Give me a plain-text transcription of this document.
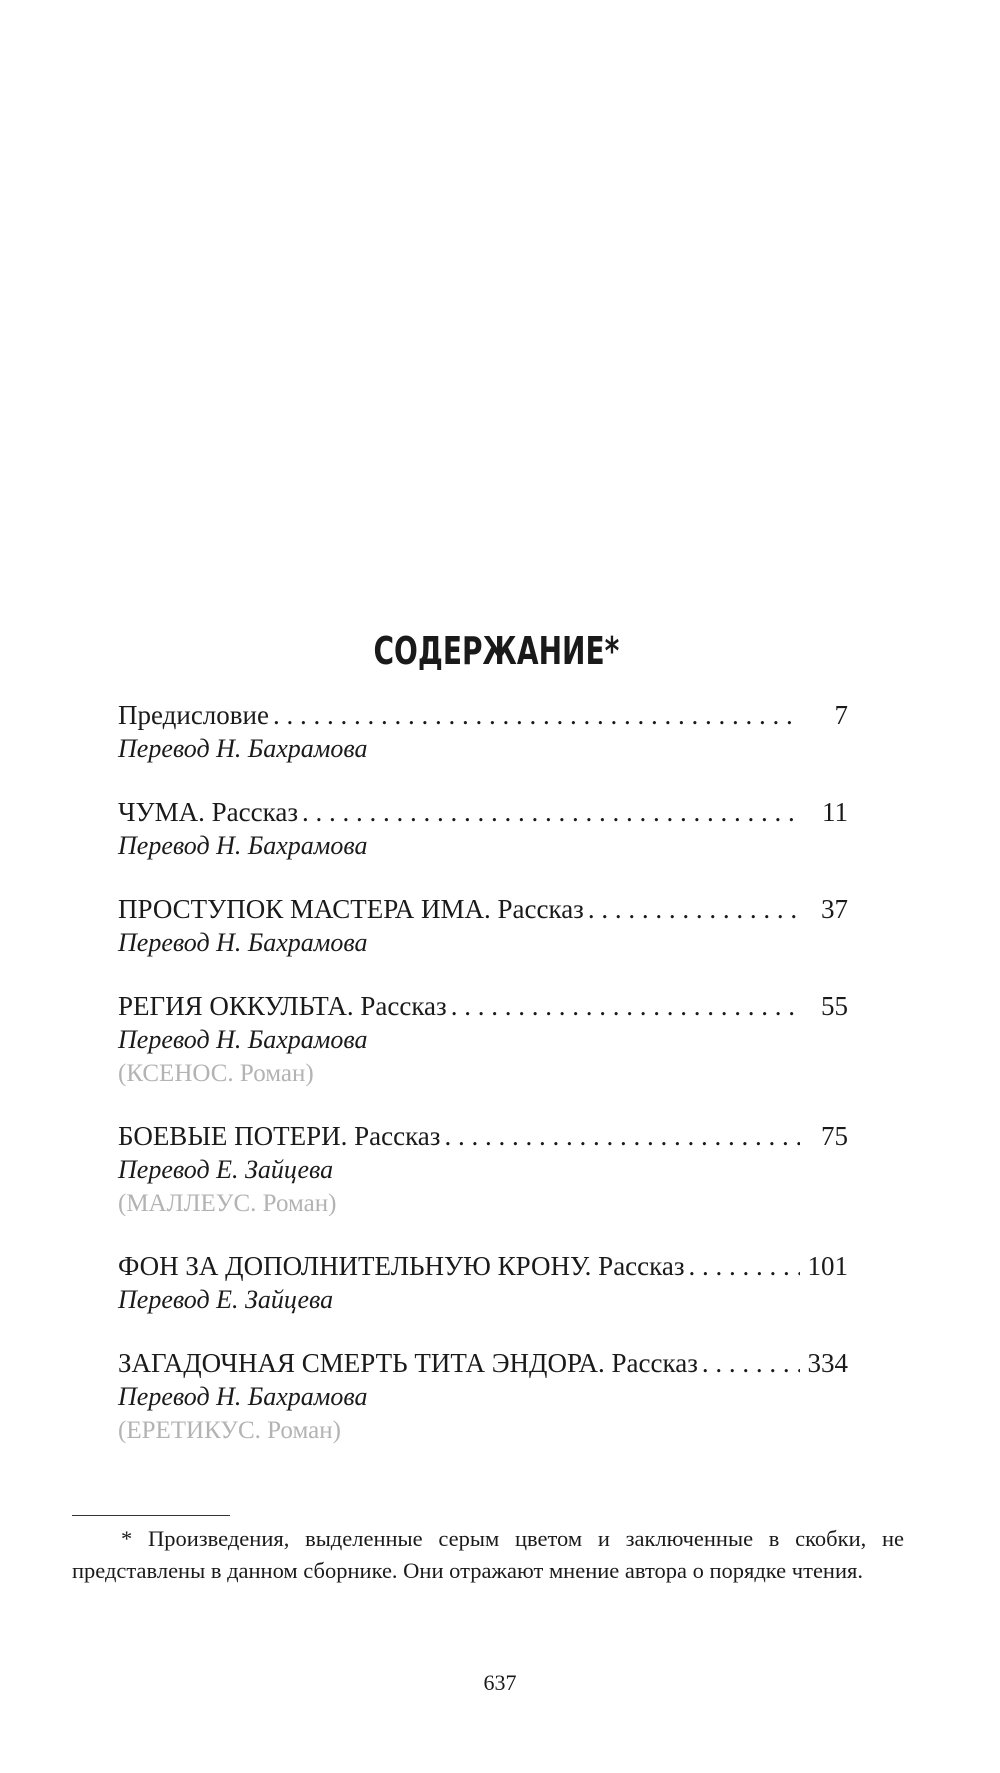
СОДЕРЖАНИЕ*
Предисловие . . .	7
Перевод Н. Бахрамова
ЧУМА. Рассказ . . .	11
Перевод Н. Бахрамова
ПРОСТУПОК МАСТЕРА ИМА. Рассказ . . .	37
Перевод Н. Бахрамова
РЕГИЯ ОККУЛЬТА. Рассказ . . .	55
Перевод Н. Бахрамова
(КСЕНОС. Роман)
БОЕВЫЕ ПОТЕРИ. Рассказ . . .	75
Перевод Е. Зайцева
(МАЛЛЕУС. Роман)
ФОН ЗА ДОПОЛНИТЕЛЬНУЮ КРОНУ. Рассказ . . .	101
Перевод Е. Зайцева
ЗАГАДОЧНАЯ СМЕРТЬ ТИТА ЭНДОРА. Рассказ . . .	334
Перевод Н. Бахрамова
(ЕРЕТИКУС. Роман)
* Произведения, выделенные серым цветом и заключенные в скобки, не представлены в данном сборнике. Они отражают мнение автора о порядке чтения.
637
